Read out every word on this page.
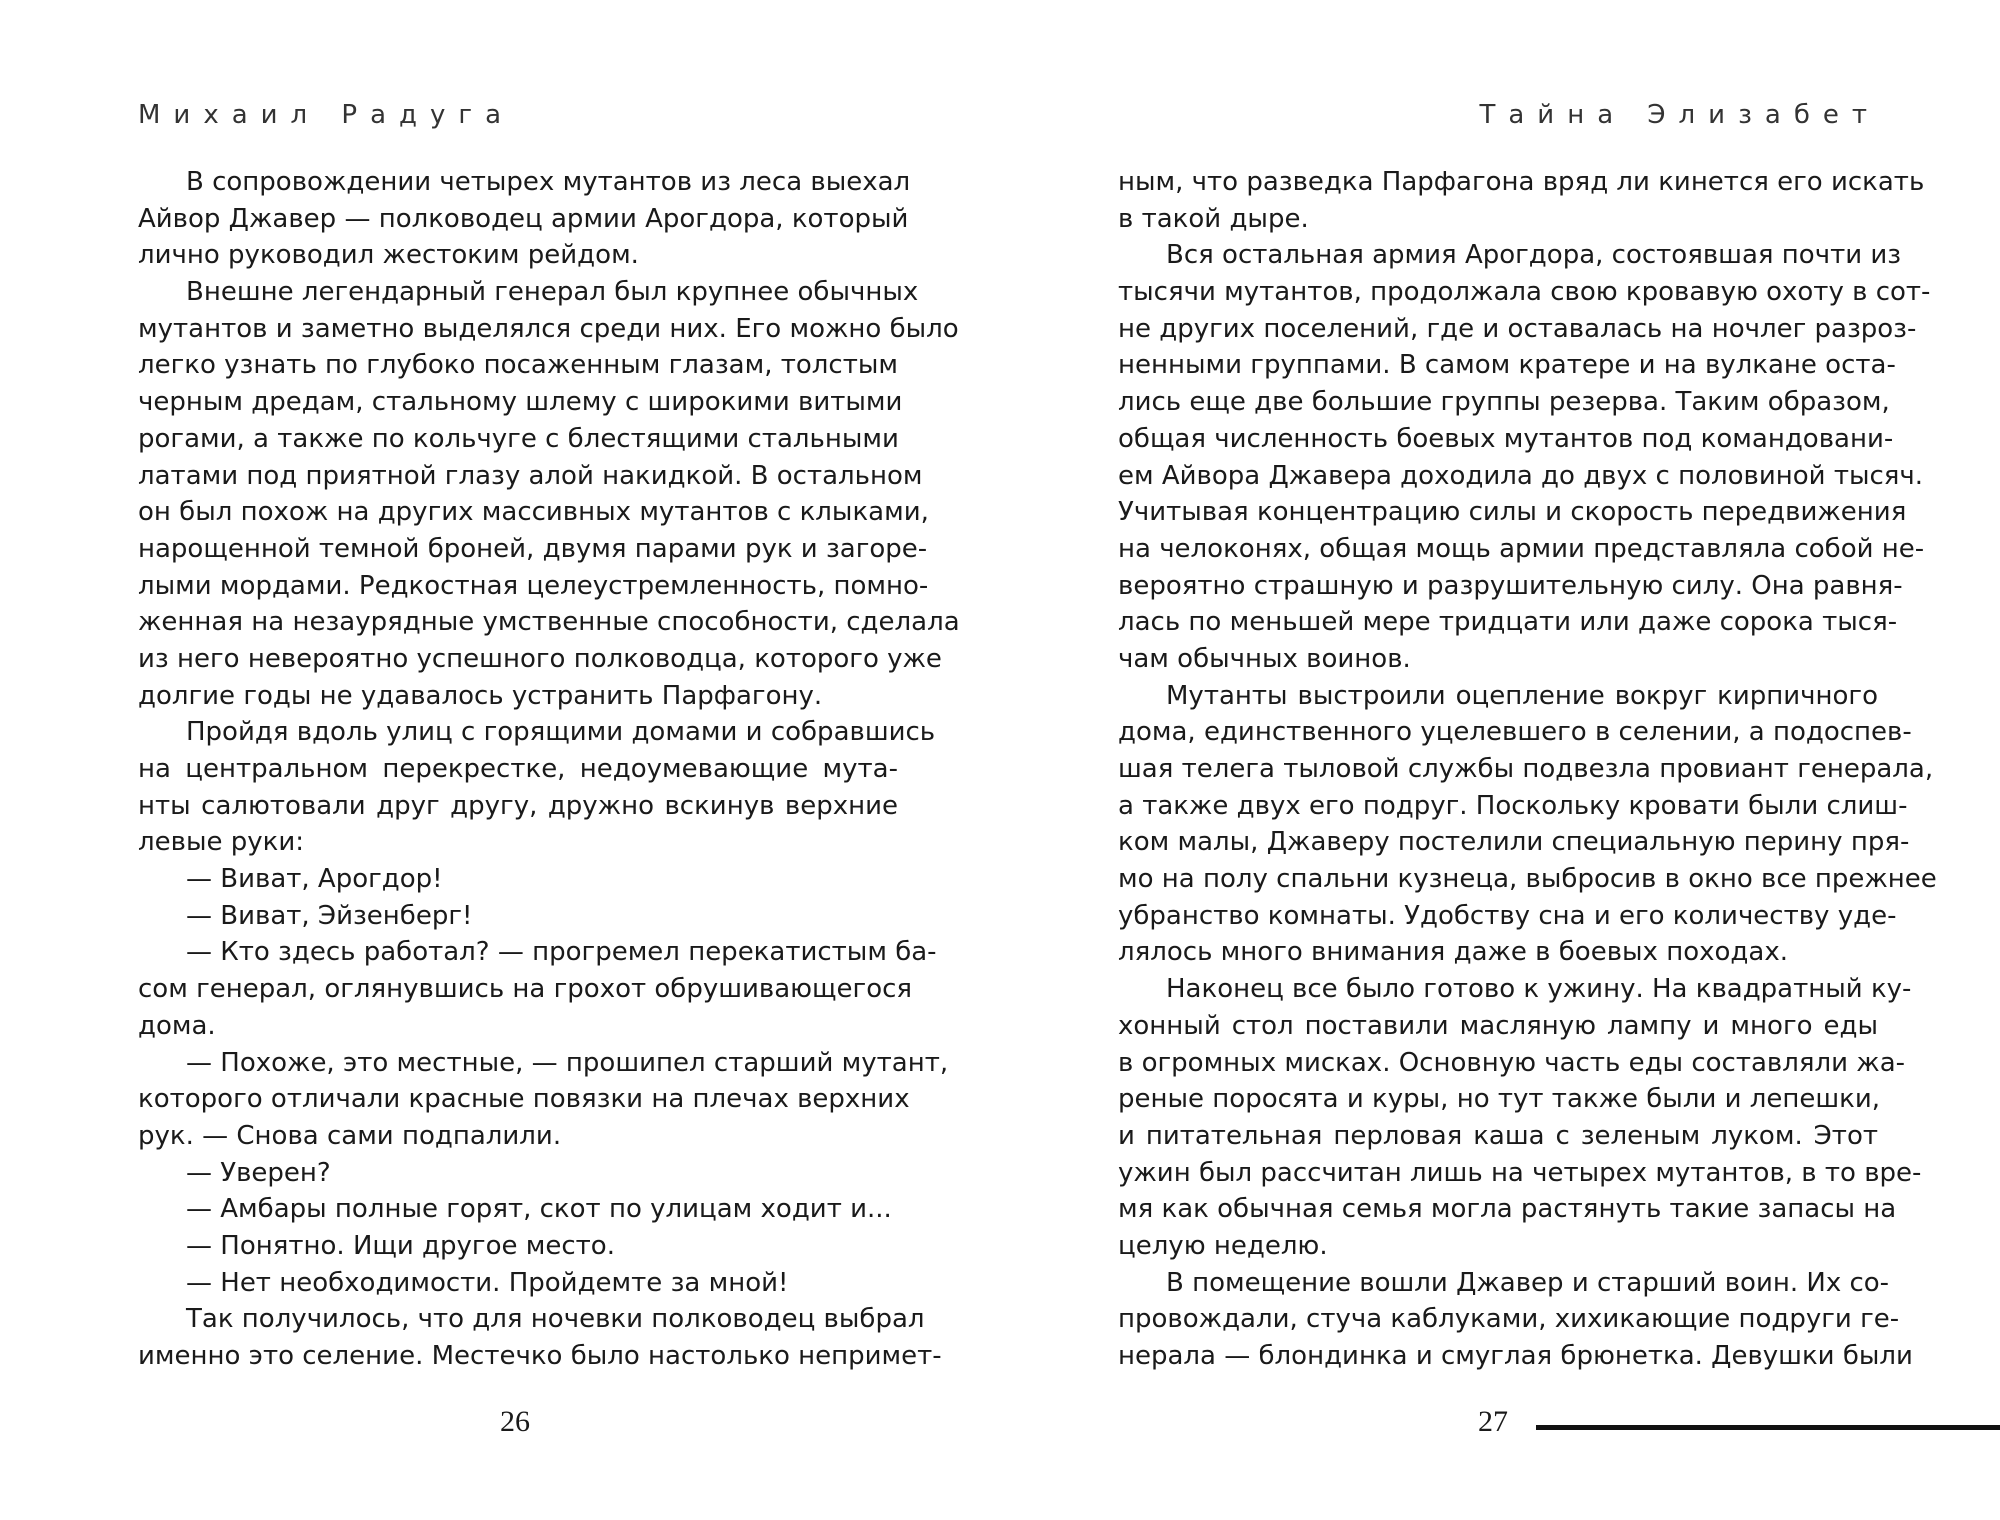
Михаил Радуга
В сопровождении четырех мутантов из леса выехал
Айвор Джавер — полководец армии Арогдора, который
лично руководил жестоким рейдом.
Внешне легендарный генерал был крупнее обычных
мутантов и заметно выделялся среди них. Его можно было
легко узнать по глубоко посаженным глазам, толстым
черным дредам, стальному шлему с широкими витыми
рогами, а также по кольчуге с блестящими стальными
латами под приятной глазу алой накидкой. В остальном
он был похож на других массивных мутантов с клыками,
нарощенной темной броней, двумя парами рук и загоре-
лыми мордами. Редкостная целеустремленность, помно-
женная на незаурядные умственные способности, сделала
из него невероятно успешного полководца, которого уже
долгие годы не удавалось устранить Парфагону.
Пройдя вдоль улиц с горящими домами и собравшись
на центральном перекрестке, недоумевающие мута-
нты салютовали друг другу, дружно вскинув верхние
левые руки:
— Виват, Арогдор!
— Виват, Эйзенберг!
— Кто здесь работал? — прогремел перекатистым ба-
сом генерал, оглянувшись на грохот обрушивающегося
дома.
— Похоже, это местные, — прошипел старший мутант,
которого отличали красные повязки на плечах верхних
рук. — Снова сами подпалили.
— Уверен?
— Амбары полные горят, скот по улицам ходит и...
— Понятно. Ищи другое место.
— Нет необходимости. Пройдемте за мной!
Так получилось, что для ночевки полководец выбрал
именно это селение. Местечко было настолько непримет-
26
Тайна Элизабет
ным, что разведка Парфагона вряд ли кинется его искать
в такой дыре.
Вся остальная армия Арогдора, состоявшая почти из
тысячи мутантов, продолжала свою кровавую охоту в сот-
не других поселений, где и оставалась на ночлег разроз-
ненными группами. В самом кратере и на вулкане оста-
лись еще две большие группы резерва. Таким образом,
общая численность боевых мутантов под командовани-
ем Айвора Джавера доходила до двух с половиной тысяч.
Учитывая концентрацию силы и скорость передвижения
на челоконях, общая мощь армии представляла собой не-
вероятно страшную и разрушительную силу. Она равня-
лась по меньшей мере тридцати или даже сорока тыся-
чам обычных воинов.
Мутанты выстроили оцепление вокруг кирпичного
дома, единственного уцелевшего в селении, а подоспев-
шая телега тыловой службы подвезла провиант генерала,
а также двух его подруг. Поскольку кровати были слиш-
ком малы, Джаверу постелили специальную перину пря-
мо на полу спальни кузнеца, выбросив в окно все прежнее
убранство комнаты. Удобству сна и его количеству уде-
лялось много внимания даже в боевых походах.
Наконец все было готово к ужину. На квадратный ку-
хонный стол поставили масляную лампу и много еды
в огромных мисках. Основную часть еды составляли жа-
реные поросята и куры, но тут также были и лепешки,
и питательная перловая каша с зеленым луком. Этот
ужин был рассчитан лишь на четырех мутантов, в то вре-
мя как обычная семья могла растянуть такие запасы на
целую неделю.
В помещение вошли Джавер и старший воин. Их со-
провождали, стуча каблуками, хихикающие подруги ге-
нерала — блондинка и смуглая брюнетка. Девушки были
27
